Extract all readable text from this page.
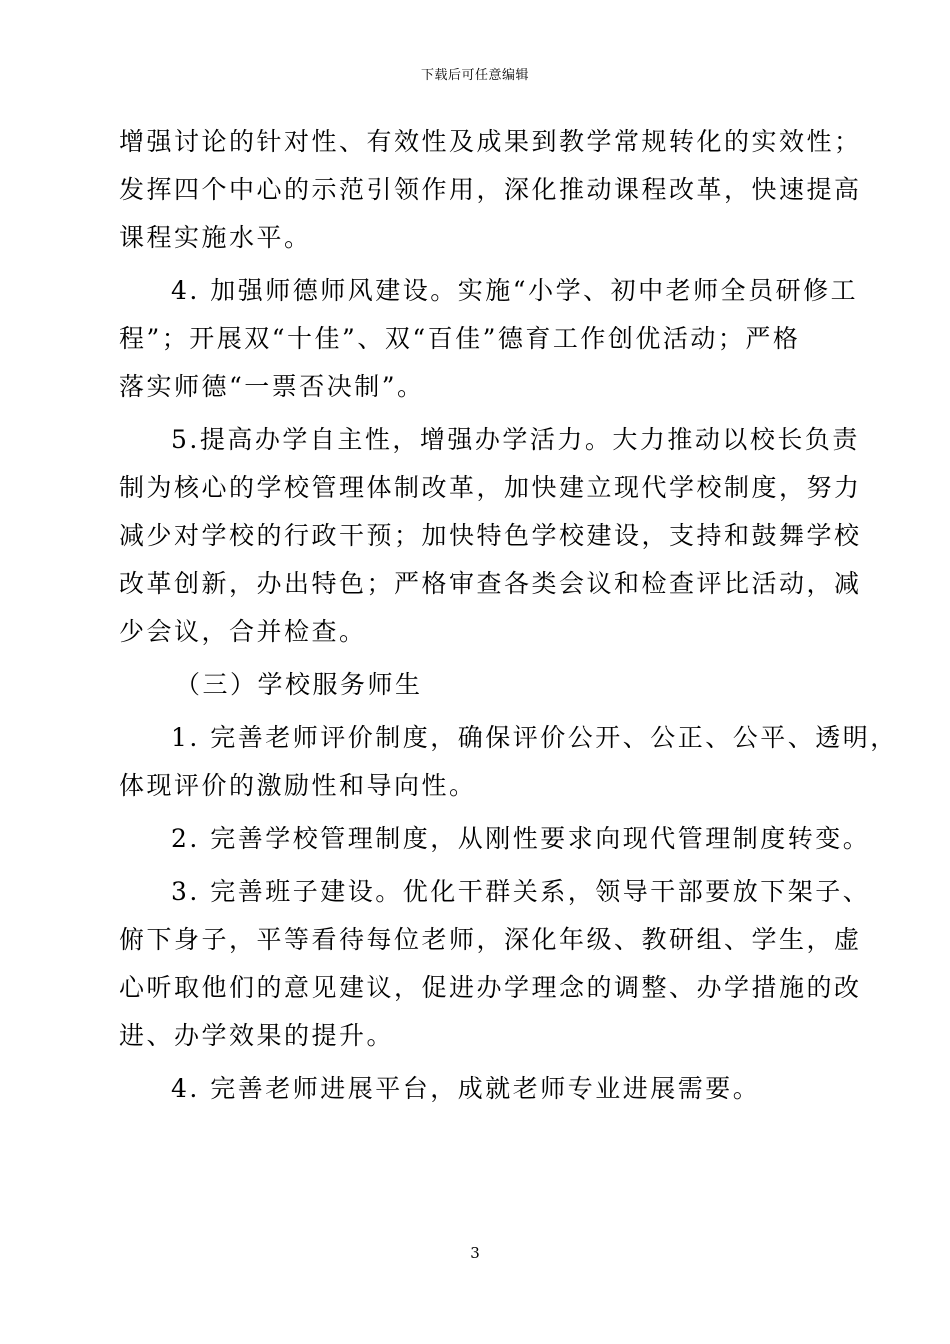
下载后可任意编辑
增强讨论的针对性、有效性及成果到教学常规转化的实效性；
发挥四个中心的示范引领作用，深化推动课程改革，快速提高
课程实施水平。
4. 加强师德师风建设。实施“小学、初中老师全员研修工
程”；开展双“十佳”、双“百佳”德育工作创优活动；严格
落实师德“一票否决制”。
5.提高办学自主性，增强办学活力。大力推动以校长负责
制为核心的学校管理体制改革，加快建立现代学校制度，努力
减少对学校的行政干预；加快特色学校建设，支持和鼓舞学校
改革创新，办出特色；严格审查各类会议和检查评比活动，减
少会议，合并检查。
（三）学校服务师生
1. 完善老师评价制度，确保评价公开、公正、公平、透明，
体现评价的激励性和导向性。
2. 完善学校管理制度，从刚性要求向现代管理制度转变。
3. 完善班子建设。优化干群关系，领导干部要放下架子、
俯下身子，平等看待每位老师，深化年级、教研组、学生，虚
心听取他们的意见建议，促进办学理念的调整、办学措施的改
进、办学效果的提升。
4. 完善老师进展平台，成就老师专业进展需要。
3
